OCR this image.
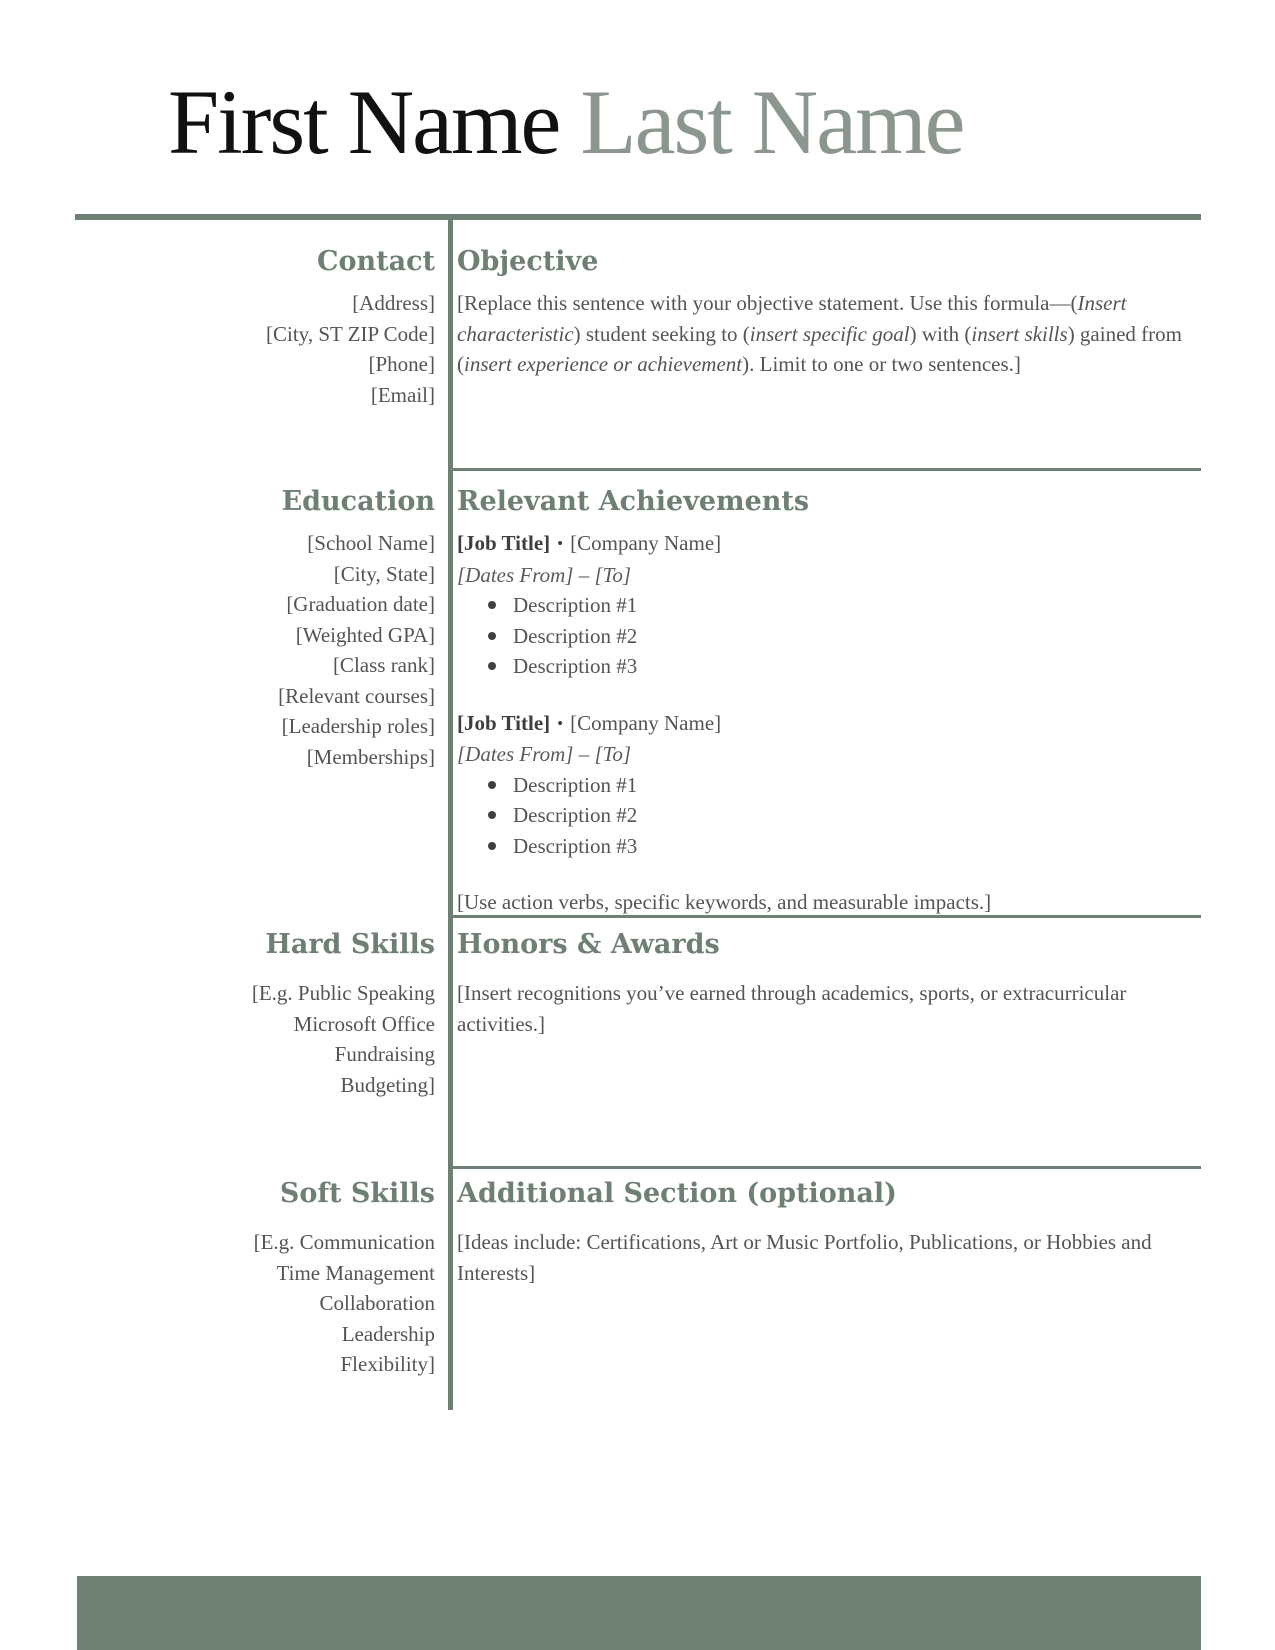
First Name Last Name
Contact
[Address]
[City, ST ZIP Code]
[Phone]
[Email]
Education
[School Name]
[City, State]
[Graduation date]
[Weighted GPA]
[Class rank]
[Relevant courses]
[Leadership roles]
[Memberships]
Hard Skills
[E.g. Public Speaking
Microsoft Office
Fundraising
Budgeting]
Soft Skills
[E.g. Communication
Time Management
Collaboration
Leadership
Flexibility]
Objective

[Replace this sentence with your objective statement. Use this formula—(Insert characteristic) student seeking to (insert specific goal) with (insert skills) gained from (insert experience or achievement). Limit to one or two sentences.]

Relevant Achievements
[Job Title] • [Company Name]
[Dates From] – [To]
Description #1
Description #2
Description #3
[Job Title] • [Company Name]
[Dates From] – [To]
Description #1
Description #2
Description #3
[Use action verbs, specific keywords, and measurable impacts.]
Honors & Awards

[Insert recognitions you’ve earned through academics, sports, or extracurricular activities.]

Additional Section (optional)

[Ideas include: Certifications, Art or Music Portfolio, Publications, or Hobbies and Interests]
